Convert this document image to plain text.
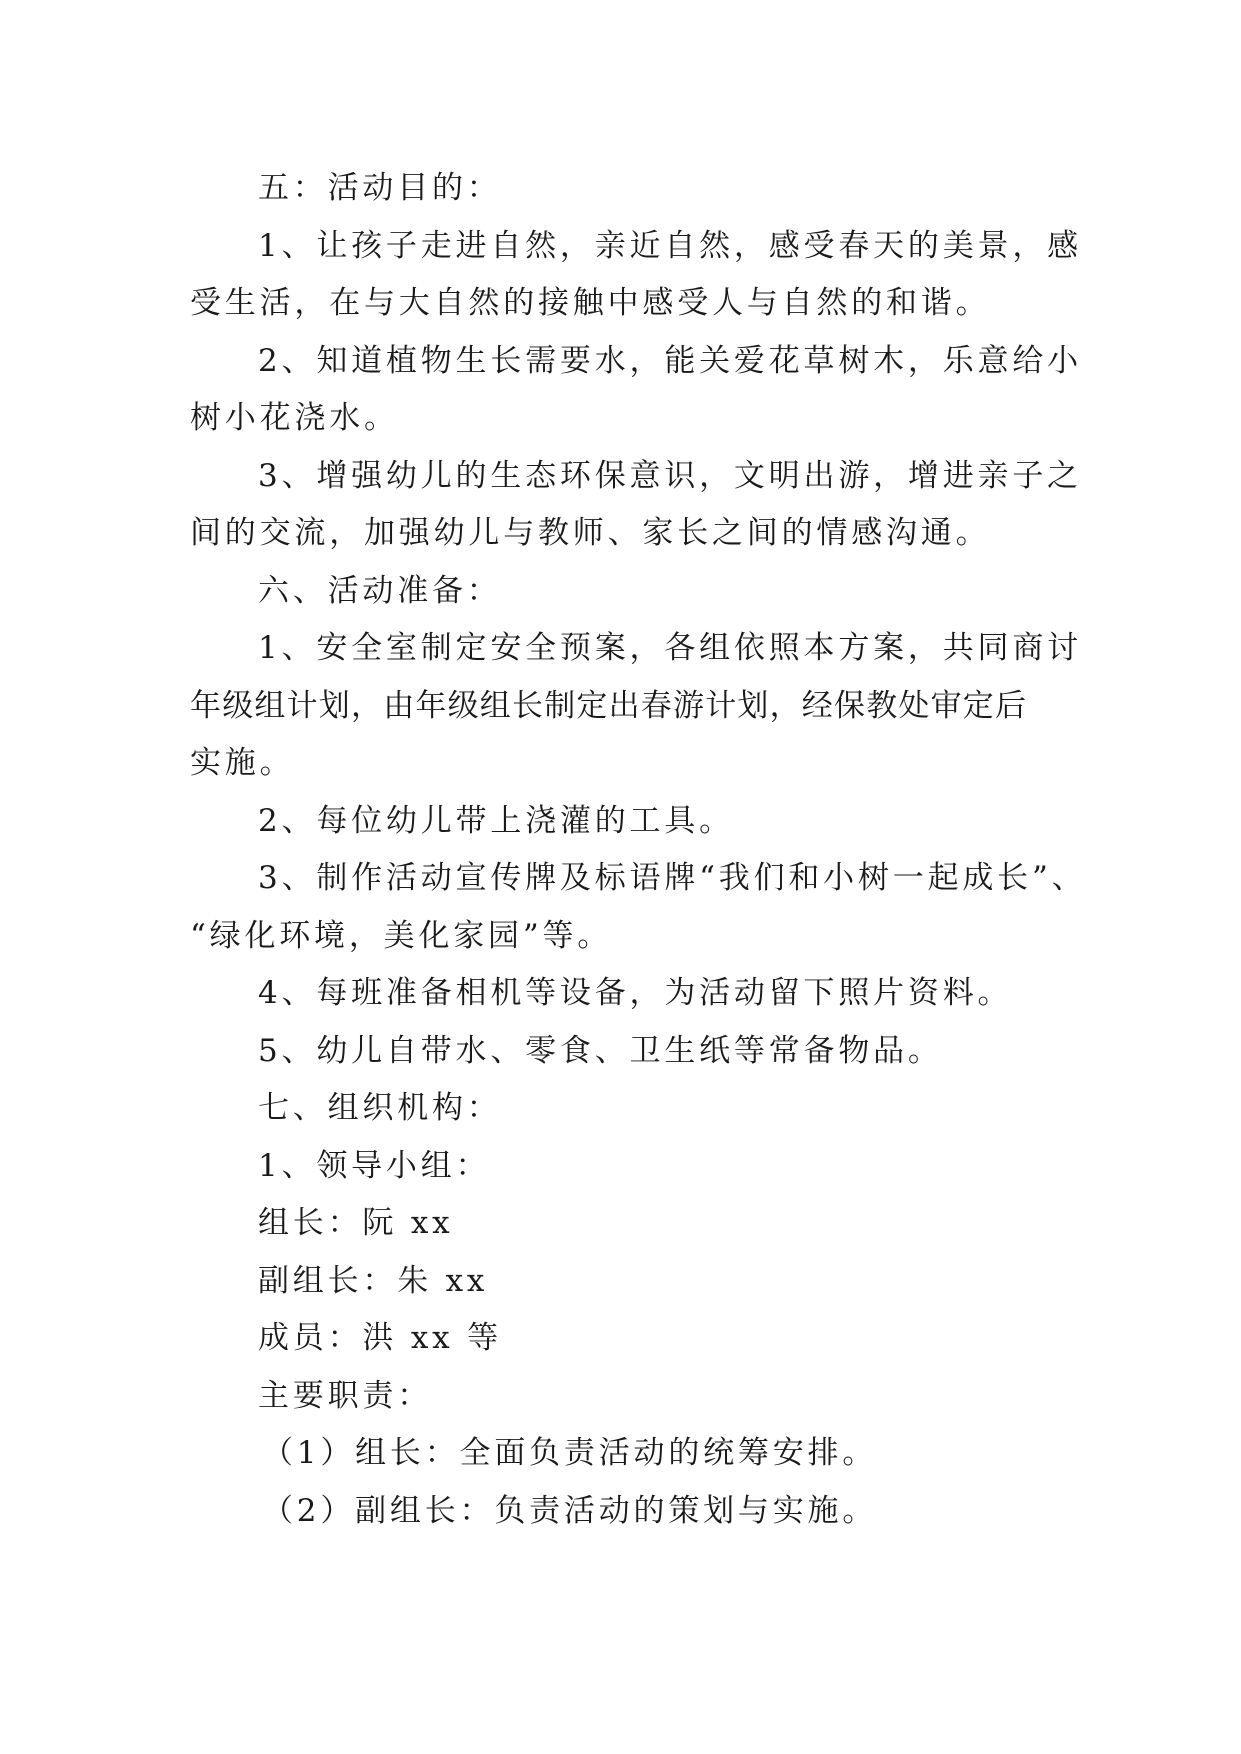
五：活动目的：

1、让孩子走进自然，亲近自然，感受春天的美景，感

受生活，在与大自然的接触中感受人与自然的和谐。

2、知道植物生长需要水，能关爱花草树木，乐意给小

树小花浇水。

3、增强幼儿的生态环保意识，文明出游，增进亲子之

间的交流，加强幼儿与教师、家长之间的情感沟通。

六、活动准备：

1、安全室制定安全预案，各组依照本方案，共同商讨

年级组计划，由年级组长制定出春游计划，经保教处审定后

实施。

2、每位幼儿带上浇灌的工具。

3、制作活动宣传牌及标语牌“我们和小树一起成长”、

“绿化环境，美化家园”等。

4、每班准备相机等设备，为活动留下照片资料。

5、幼儿自带水、零食、卫生纸等常备物品。

七、组织机构：

1、领导小组：

组长：阮 xx

副组长：朱 xx

成员：洪 xx 等

主要职责：

（1）组长：全面负责活动的统筹安排。

（2）副组长：负责活动的策划与实施。
